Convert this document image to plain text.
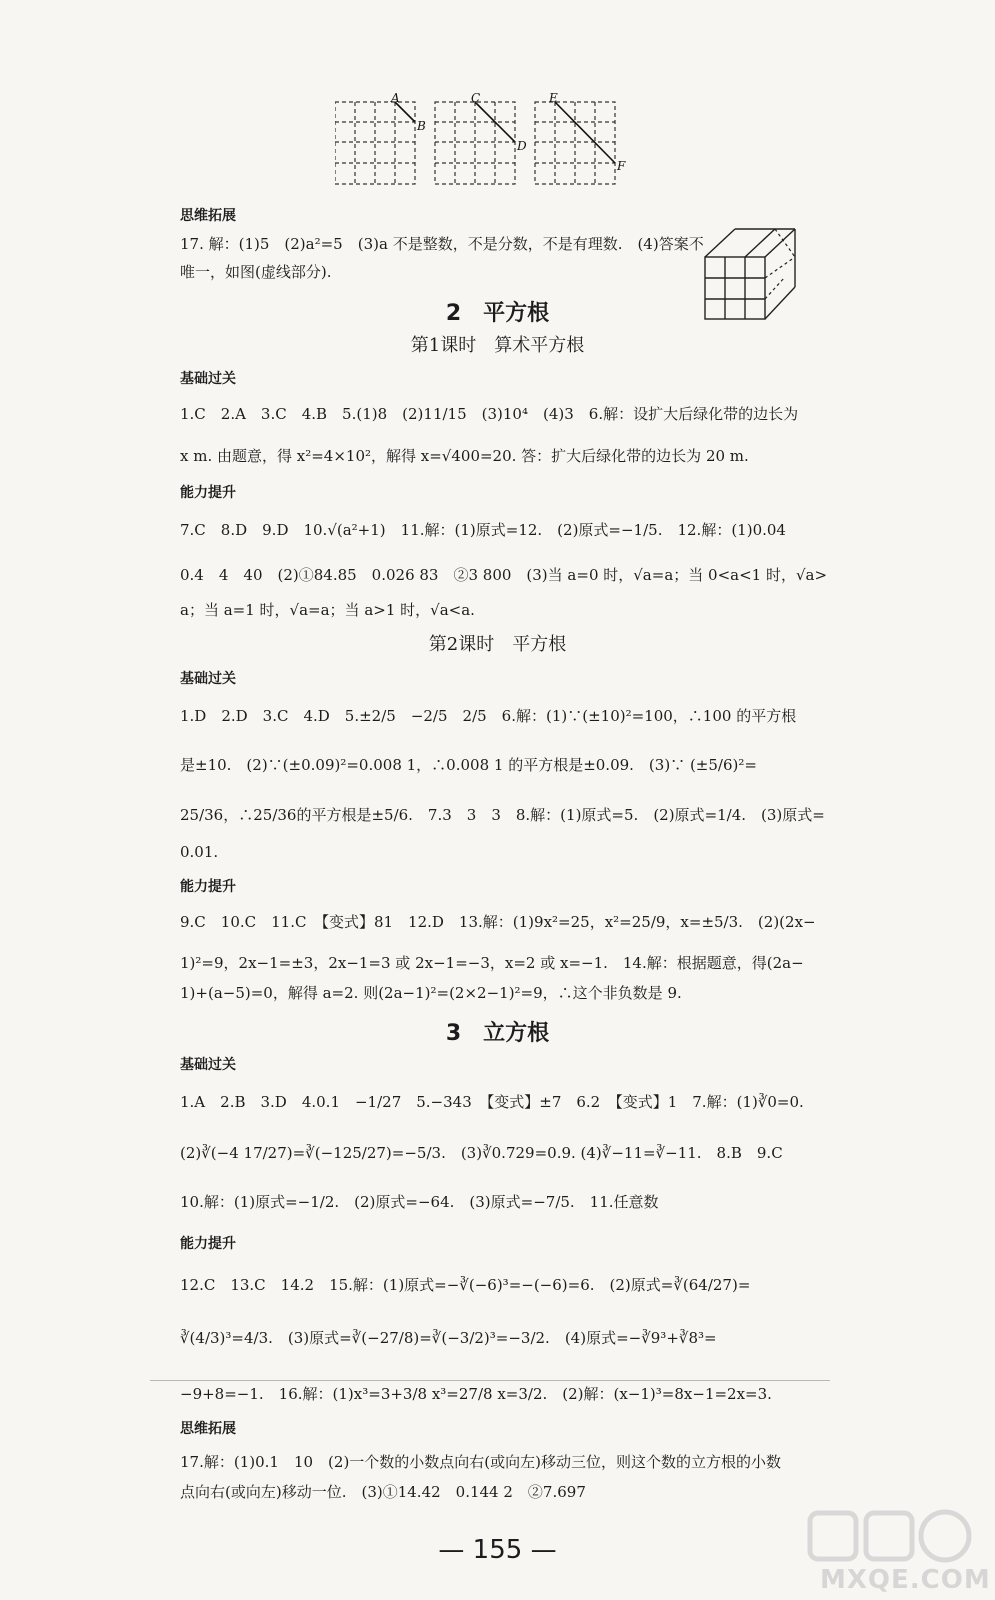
A
B
C
D
E
F
思维拓展
17. 解：(1)5　(2)a²=5　(3)a 不是整数，不是分数，不是有理数.　(4)答案不
唯一，如图(虚线部分).
2　平方根
第1课时　算术平方根
基础过关
1.C　2.A　3.C　4.B　5.(1)8　(2)11/15　(3)10⁴　(4)3　6.解：设扩大后绿化带的边长为
x m. 由题意，得 x²=4×10²，解得 x=√400=20. 答：扩大后绿化带的边长为 20 m.
能力提升
7.C　8.D　9.D　10.√(a²+1)　11.解：(1)原式=12.　(2)原式=−1/5.　12.解：(1)0.04
0.4　4　40　(2)①84.85　0.026 83　②3 800　(3)当 a=0 时，√a=a；当 0<a<1 时，√a>
a；当 a=1 时，√a=a；当 a>1 时，√a<a.
第2课时　平方根
基础过关
1.D　2.D　3.C　4.D　5.±2/5　−2/5　2/5　6.解：(1)∵(±10)²=100，∴100 的平方根
是±10.　(2)∵(±0.09)²=0.008 1，∴0.008 1 的平方根是±0.09.　(3)∵ (±5/6)²=
25/36，∴25/36的平方根是±5/6.　7.3　3　3　8.解：(1)原式=5.　(2)原式=1/4.　(3)原式=
0.01.
能力提升
9.C　10.C　11.C　【变式】81　12.D　13.解：(1)9x²=25，x²=25/9，x=±5/3.　(2)(2x−
1)²=9，2x−1=±3，2x−1=3 或 2x−1=−3，x=2 或 x=−1.　14.解：根据题意，得(2a−
1)+(a−5)=0，解得 a=2. 则(2a−1)²=(2×2−1)²=9，∴这个非负数是 9.
3　立方根
基础过关
1.A　2.B　3.D　4.0.1　−1/27　5.−343　【变式】±7　6.2　【变式】1　7.解：(1)∛0=0.
(2)∛(−4 17/27)=∛(−125/27)=−5/3.　(3)∛0.729=0.9. (4)∛−11=∛−11.　8.B　9.C
10.解：(1)原式=−1/2.　(2)原式=−64.　(3)原式=−7/5.　11.任意数
能力提升
12.C　13.C　14.2　15.解：(1)原式=−∛(−6)³=−(−6)=6.　(2)原式=∛(64/27)=
∛(4/3)³=4/3.　(3)原式=∛(−27/8)=∛(−3/2)³=−3/2.　(4)原式=−∛9³+∛8³=
−9+8=−1.　16.解：(1)x³=3+3/8 x³=27/8 x=3/2.　(2)解：(x−1)³=8x−1=2x=3.
思维拓展
17.解：(1)0.1　10　(2)一个数的小数点向右(或向左)移动三位，则这个数的立方根的小数
点向右(或向左)移动一位.　(3)①14.42　0.144 2　②7.697
— 155 —
MXQE.COM
